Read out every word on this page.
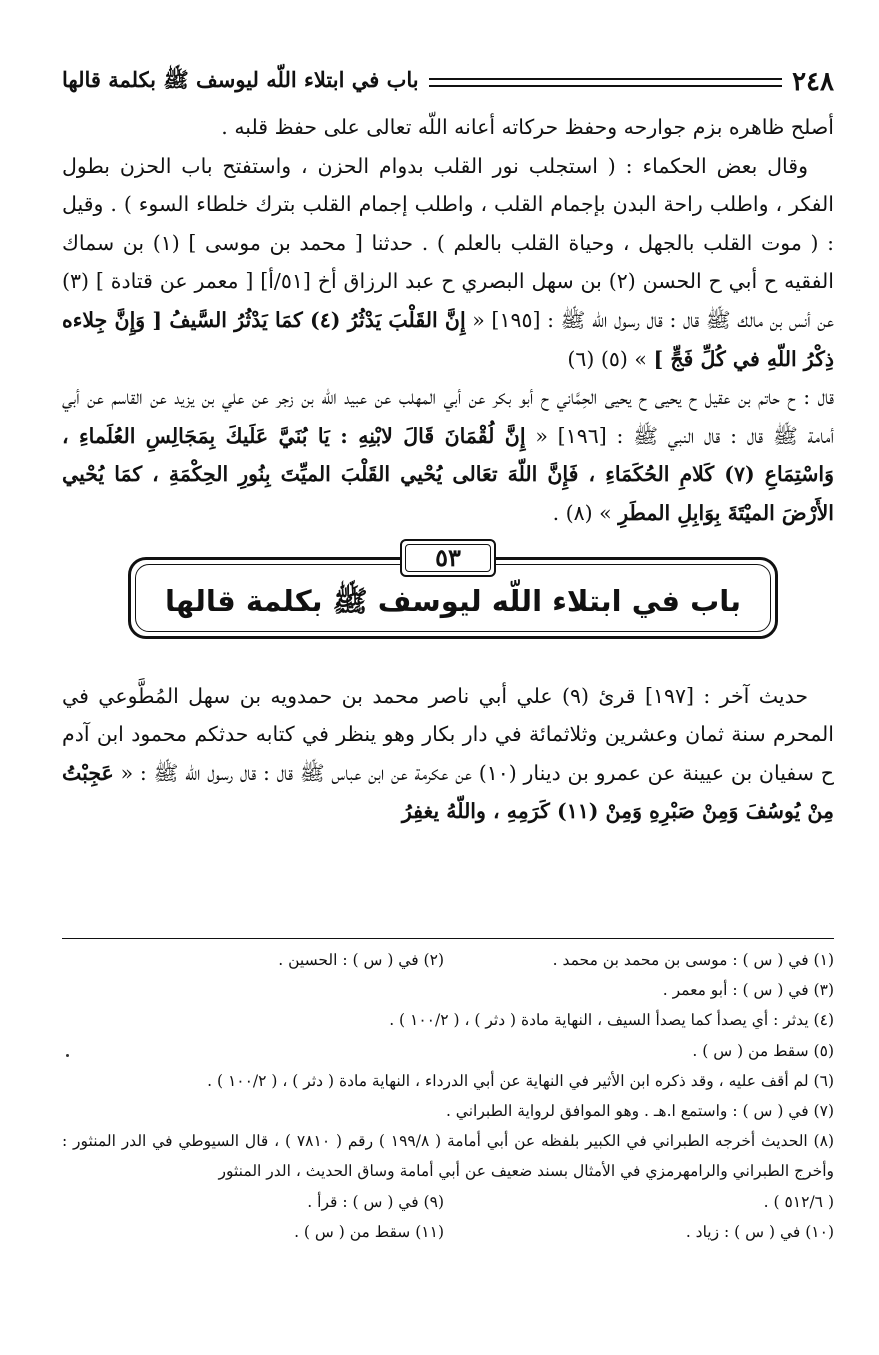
٢٤٨
باب في ابتلاء اللّه ليوسف ﷺ بكلمة قالها

أصلح ظاهره بزم جوارحه وحفظ حركاته أعانه اللّه تعالى على حفظ قلبه .

وقال بعض الحكماء : ( استجلب نور القلب بدوام الحزن ، واستفتح باب الحزن بطول الفكر ، واطلب راحة البدن بإجمام القلب ، واطلب إجمام القلب بترك خلطاء السوء ) . وقيل : ( موت القلب بالجهل ، وحياة القلب بالعلم ) . حدثنا [ محمد بن موسى ] (١) بن سماك الفقيه ح أبي ح الحسن (٢) بن سهل البصري ح عبد الرزاق أخ [٥١/أ] [ معمر عن قتادة ] (٣) عن أنس بن مالك ﷺ قال : قال رسول اللّه ﷺ : [١٩٥] « إِنَّ القَلْبَ يَدْثُرُ (٤) كمَا يَدْثُرُ السَّيفُ [ وَإِنَّ جِلاءه ذِكْرُ اللّهِ في كُلِّ فَجٍّ ] » (٥) (٦)

قال : ح حاتم بن عقيل ح يحيى ح يحيى الحِمَّاني ح أبو بكر عن أبي المهلب عن عبيد اللّه بن زجر عن علي بن يزيد عن القاسم عن أبي أمامة ﷺ قال : قال النبي ﷺ : [١٩٦] « إِنَّ لُقْمَانَ قَالَ لابْنِهِ : يَا بُنَيَّ عَلَيكَ بِمَجَالِسِ العُلَماءِ ، وَاسْتِمَاعِ (٧) كَلامِ الحُكَمَاءِ ، فَإِنَّ اللّهَ تعَالى يُحْيي القَلْبَ الميِّتَ بِنُورِ الحِكْمَةِ ، كمَا يُحْيي الأَرْضَ الميْتَةَ بِوَابِلِ المطَرِ » (٨) .

باب في ابتلاء اللّه ليوسف ﷺ بكلمة قالها
٥٣

حديث آخر : [١٩٧] قرئ (٩) علي أبي ناصر محمد بن حمدويه بن سهل المُطَّوعي في المحرم سنة ثمان وعشرين وثلاثمائة في دار بكار وهو ينظر في كتابه حدثكم محمود ابن آدم ح سفيان بن عيينة عن عمرو بن دينار (١٠) عن عكرمة عن ابن عباس ﷺ قال : قال رسول اللّه ﷺ : « عَجِبْتُ مِنْ يُوسُفَ وَمِنْ صَبْرِهِ وَمِنْ (١١) كَرَمِهِ ، واللّهُ يغفِرُ

(١) في ( س ) : موسى بن محمد بن محمد .
(٢) في ( س ) : الحسين .
(٣) في ( س ) : أبو معمر .
(٤) يدثر : أي يصدأ كما يصدأ السيف ، النهاية مادة ( دثر ) ، ( ١٠٠/٢ ) .
(٥) سقط من ( س ) .
(٦) لم أقف عليه ، وقد ذكره ابن الأثير في النهاية عن أبي الدرداء ، النهاية مادة ( دثر ) ، ( ١٠٠/٢ ) .
(٧) في ( س ) : واستمع ا.هـ . وهو الموافق لرواية الطبراني .
(٨) الحديث أخرجه الطبراني في الكبير بلفظه عن أبي أمامة ( ١٩٩/٨ ) رقم ( ٧٨١٠ ) ، قال السيوطي في الدر المنثور : وأخرج الطبراني والرامهرمزي في الأمثال بسند ضعيف عن أبي أمامة وساق الحديث ، الدر المنثور
( ٥١٢/٦ ) .
(٩) في ( س ) : قرأ .
(١٠) في ( س ) : زياد .
(١١) سقط من ( س ) .
